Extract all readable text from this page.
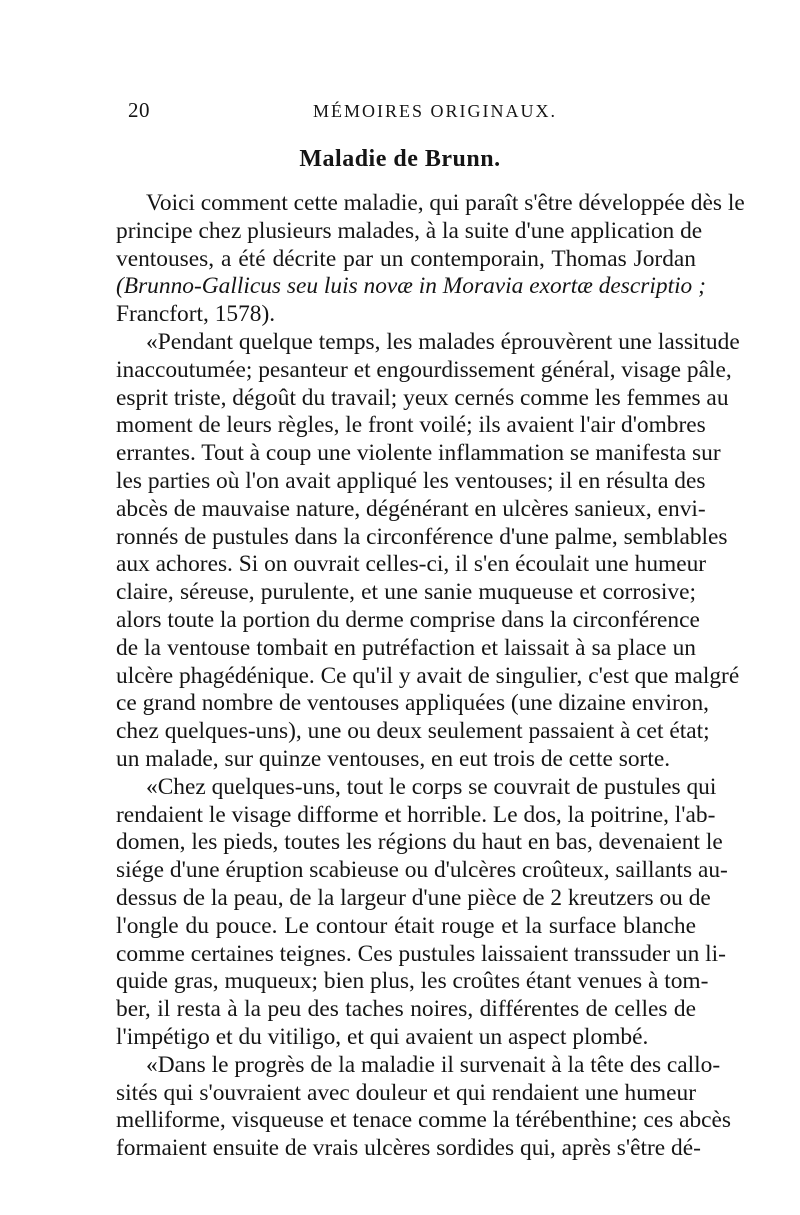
20	MÉMOIRES ORIGINAUX.
Maladie de Brunn.
Voici comment cette maladie, qui paraît s'être développée dès le
principe chez plusieurs malades, à la suite d'une application de
ventouses, a été décrite par un contemporain, Thomas Jordan
(Brunno-Gallicus seu luis novæ in Moravia exortæ descriptio ;
Francfort, 1578).
«Pendant quelque temps, les malades éprouvèrent une lassitude
inaccoutumée; pesanteur et engourdissement général, visage pâle,
esprit triste, dégoût du travail; yeux cernés comme les femmes au
moment de leurs règles, le front voilé; ils avaient l'air d'ombres
errantes. Tout à coup une violente inflammation se manifesta sur
les parties où l'on avait appliqué les ventouses; il en résulta des
abcès de mauvaise nature, dégénérant en ulcères sanieux, envi-
ronnés de pustules dans la circonférence d'une palme, semblables
aux achores. Si on ouvrait celles-ci, il s'en écoulait une humeur
claire, séreuse, purulente, et une sanie muqueuse et corrosive;
alors toute la portion du derme comprise dans la circonférence
de la ventouse tombait en putréfaction et laissait à sa place un
ulcère phagédénique. Ce qu'il y avait de singulier, c'est que malgré
ce grand nombre de ventouses appliquées (une dizaine environ,
chez quelques-uns), une ou deux seulement passaient à cet état;
un malade, sur quinze ventouses, en eut trois de cette sorte.
«Chez quelques-uns, tout le corps se couvrait de pustules qui
rendaient le visage difforme et horrible. Le dos, la poitrine, l'ab-
domen, les pieds, toutes les régions du haut en bas, devenaient le
siége d'une éruption scabieuse ou d'ulcères croûteux, saillants au-
dessus de la peau, de la largeur d'une pièce de 2 kreutzers ou de
l'ongle du pouce. Le contour était rouge et la surface blanche
comme certaines teignes. Ces pustules laissaient transsuder un li-
quide gras, muqueux; bien plus, les croûtes étant venues à tom-
ber, il resta à la peu des taches noires, différentes de celles de
l'impétigo et du vitiligo, et qui avaient un aspect plombé.
«Dans le progrès de la maladie il survenait à la tête des callo-
sités qui s'ouvraient avec douleur et qui rendaient une humeur
melliforme, visqueuse et tenace comme la térébenthine; ces abcès
formaient ensuite de vrais ulcères sordides qui, après s'être dé-
